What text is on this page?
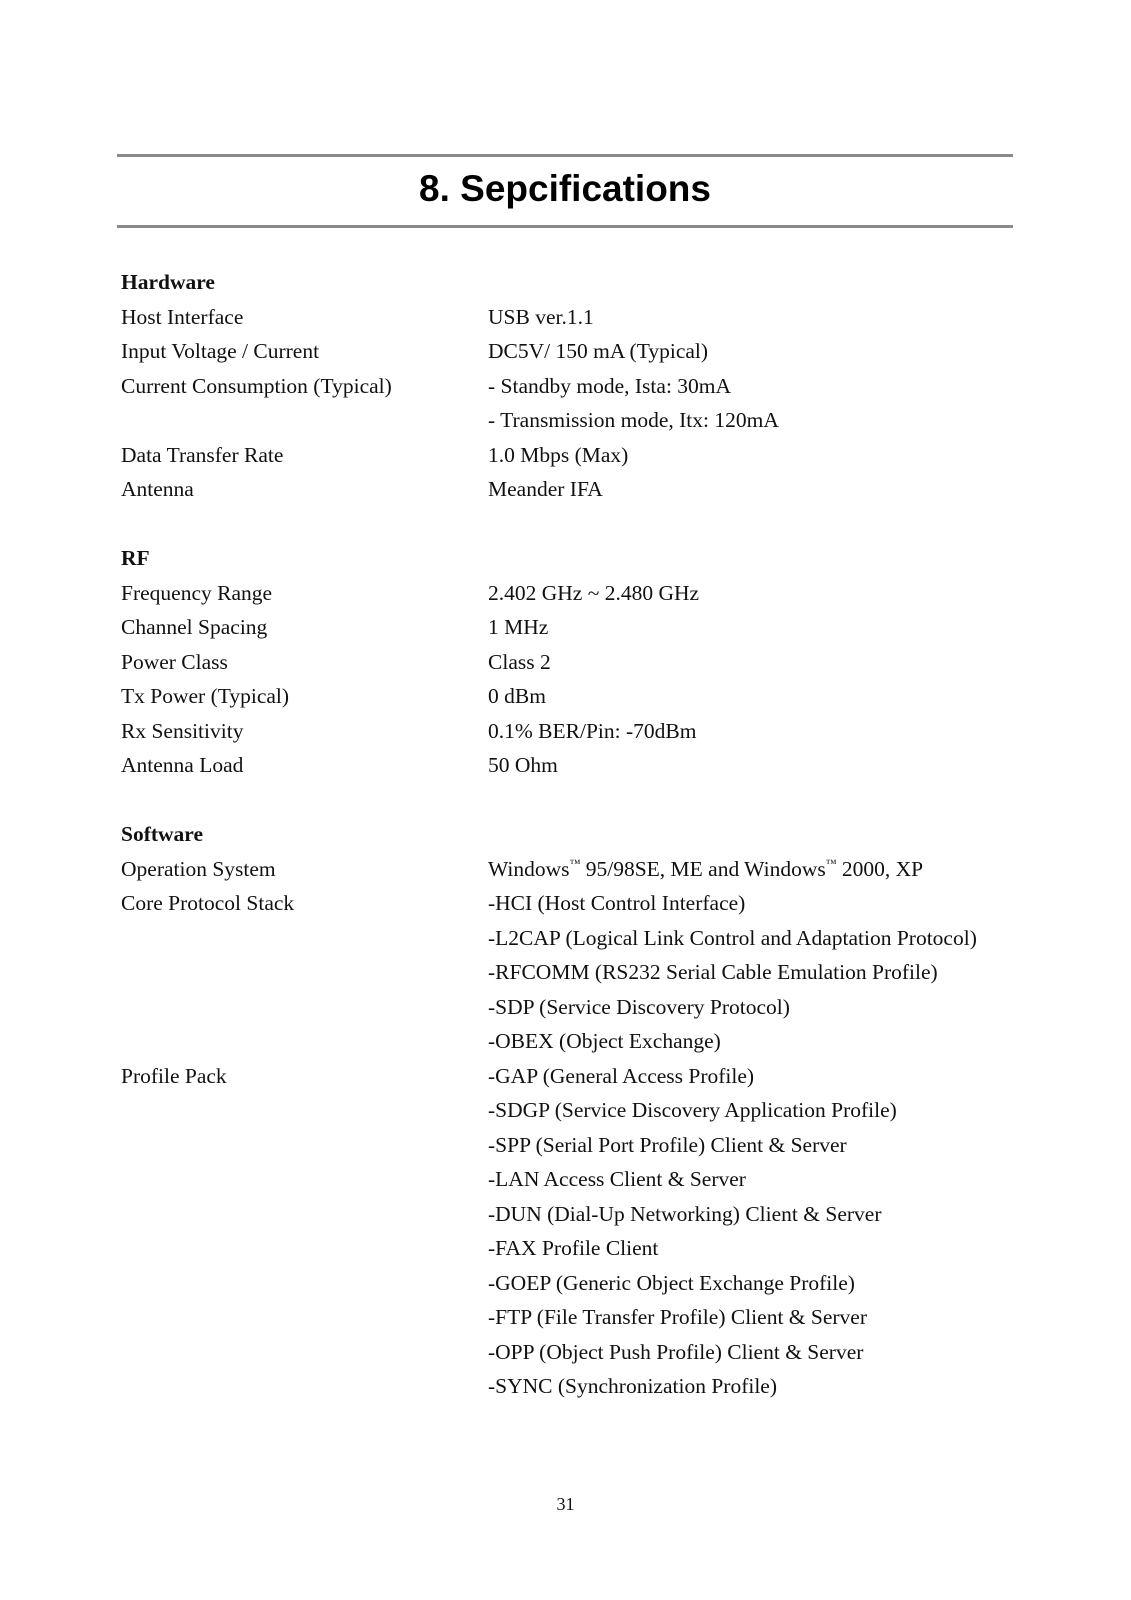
8. Sepcifications
Hardware
Host Interface	USB ver.1.1
Input Voltage / Current	DC5V/ 150 mA (Typical)
Current Consumption (Typical)	- Standby mode, Ista: 30mA
- Transmission mode, Itx: 120mA
Data Transfer Rate	1.0 Mbps (Max)
Antenna	Meander IFA
RF
Frequency Range	2.402 GHz ~ 2.480 GHz
Channel Spacing	1 MHz
Power Class	Class 2
Tx Power (Typical)	0 dBm
Rx Sensitivity	0.1% BER/Pin: -70dBm
Antenna Load	50 Ohm
Software
Operation System	Windows™ 95/98SE, ME and Windows™ 2000, XP
Core Protocol Stack	-HCI (Host Control Interface)
-L2CAP (Logical Link Control and Adaptation Protocol)
-RFCOMM (RS232 Serial Cable Emulation Profile)
-SDP (Service Discovery Protocol)
-OBEX (Object Exchange)
Profile Pack	-GAP (General Access Profile)
-SDGP (Service Discovery Application Profile)
-SPP (Serial Port Profile) Client & Server
-LAN Access Client & Server
-DUN (Dial-Up Networking) Client & Server
-FAX Profile Client
-GOEP (Generic Object Exchange Profile)
-FTP (File Transfer Profile) Client & Server
-OPP (Object Push Profile) Client & Server
-SYNC (Synchronization Profile)
31
